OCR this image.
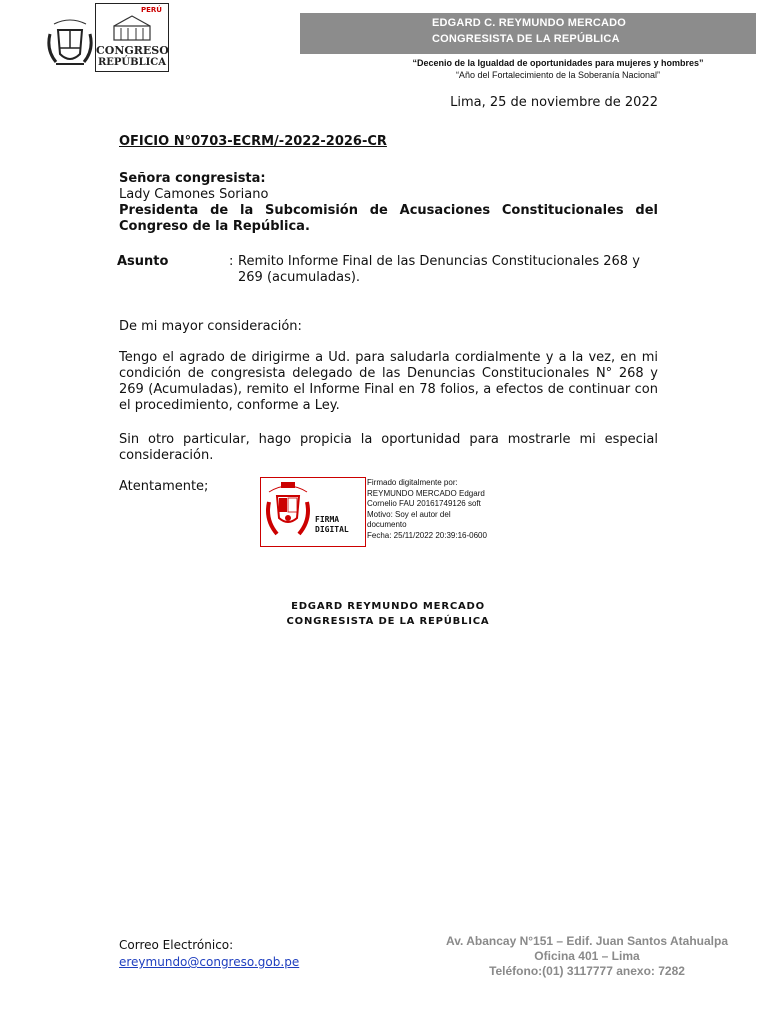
PERÚ
CONGRESO
REPÚBLICA
EDGARD C. REYMUNDO MERCADO
CONGRESISTA DE LA REPÚBLICA
“Decenio de la Igualdad de oportunidades para mujeres y hombres”
“Año del Fortalecimiento de la Soberanía Nacional”
Lima, 25 de noviembre de 2022
OFICIO N°0703-ECRM/-2022-2026-CR
Señora congresista:
Lady Camones Soriano
Presidenta de la Subcomisión de Acusaciones Constitucionales del Congreso de la República.
Asunto	: Remito Informe Final de las Denuncias Constitucionales 268 y 269 (acumuladas).
De mi mayor consideración:
Tengo el agrado de dirigirme a Ud. para saludarla cordialmente y a la vez, en mi condición de congresista delegado de las Denuncias Constitucionales N° 268 y 269 (Acumuladas), remito el Informe Final en 78 folios, a efectos de continuar con el procedimiento, conforme a Ley.
Sin otro particular, hago propicia la oportunidad para mostrarle mi especial consideración.
Atentamente;
FIRMA DIGITAL
Firmado digitalmente por:
REYMUNDO MERCADO Edgard
Cornelio FAU 20161749126 soft
Motivo: Soy el autor del
documento
Fecha: 25/11/2022 20:39:16-0600
EDGARD REYMUNDO MERCADO
CONGRESISTA DE LA REPÚBLICA
Correo Electrónico:
ereymundo@congreso.gob.pe
Av. Abancay N°151 – Edif. Juan Santos Atahualpa
Oficina 401 – Lima
Teléfono:(01) 3117777 anexo: 7282
